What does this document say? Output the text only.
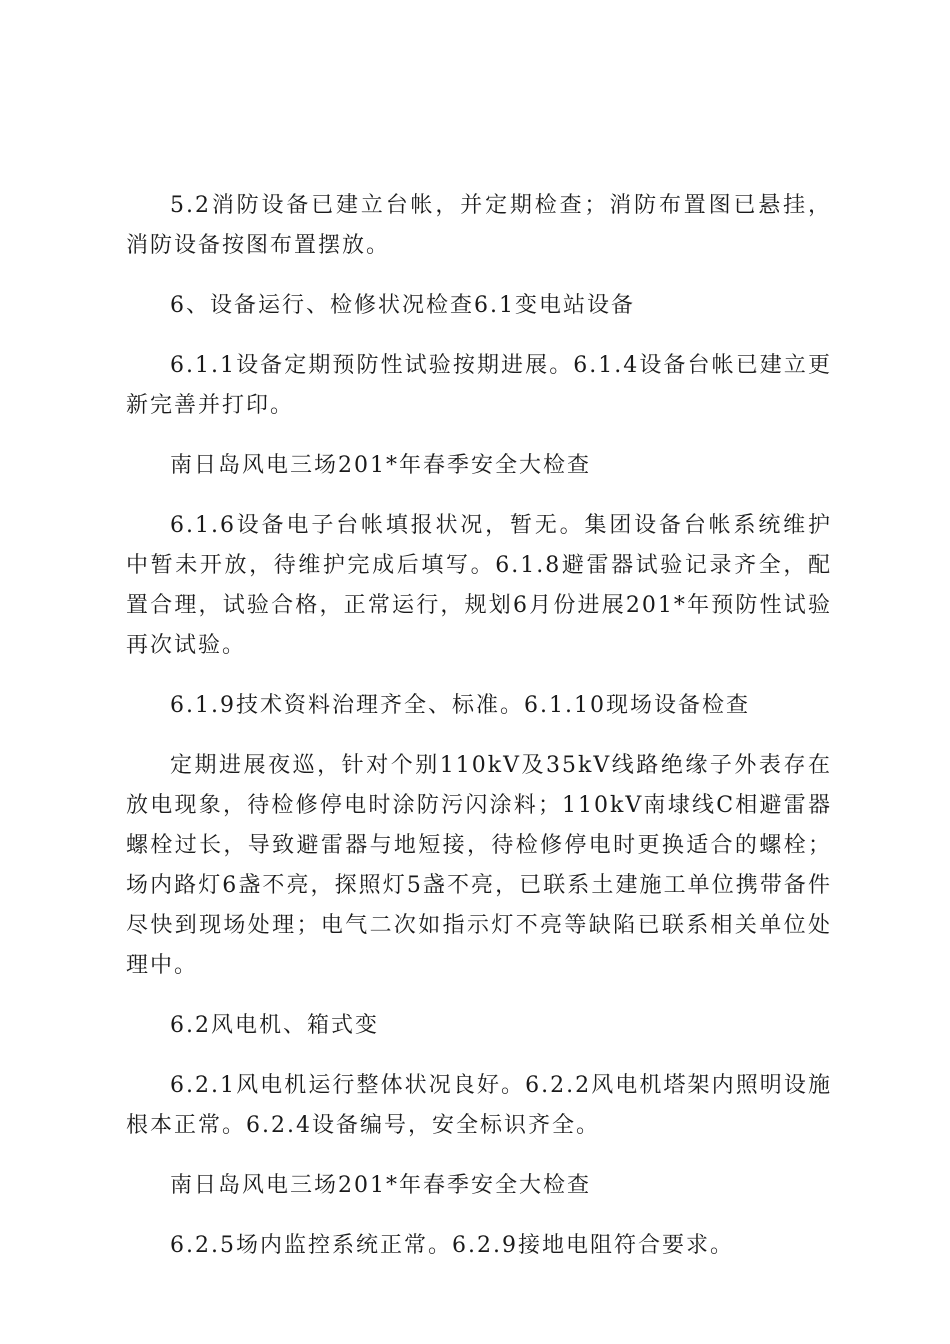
5.2消防设备已建立台帐，并定期检查；消防布置图已悬挂，消防设备按图布置摆放。

6、设备运行、检修状况检查6.1变电站设备

6.1.1设备定期预防性试验按期进展。6.1.4设备台帐已建立更新完善并打印。

南日岛风电三场201*年春季安全大检查

6.1.6设备电子台帐填报状况，暂无。集团设备台帐系统维护中暂未开放，待维护完成后填写。6.1.8避雷器试验记录齐全，配置合理，试验合格，正常运行，规划6月份进展201*年预防性试验再次试验。

6.1.9技术资料治理齐全、标准。6.1.10现场设备检查

定期进展夜巡，针对个别110kV及35kV线路绝缘子外表存在放电现象，待检修停电时涂防污闪涂料；110kV南埭线C相避雷器螺栓过长，导致避雷器与地短接，待检修停电时更换适合的螺栓；场内路灯6盏不亮，探照灯5盏不亮，已联系土建施工单位携带备件尽快到现场处理；电气二次如指示灯不亮等缺陷已联系相关单位处理中。

6.2风电机、箱式变

6.2.1风电机运行整体状况良好。6.2.2风电机塔架内照明设施根本正常。6.2.4设备编号，安全标识齐全。

南日岛风电三场201*年春季安全大检查

6.2.5场内监控系统正常。6.2.9接地电阻符合要求。
